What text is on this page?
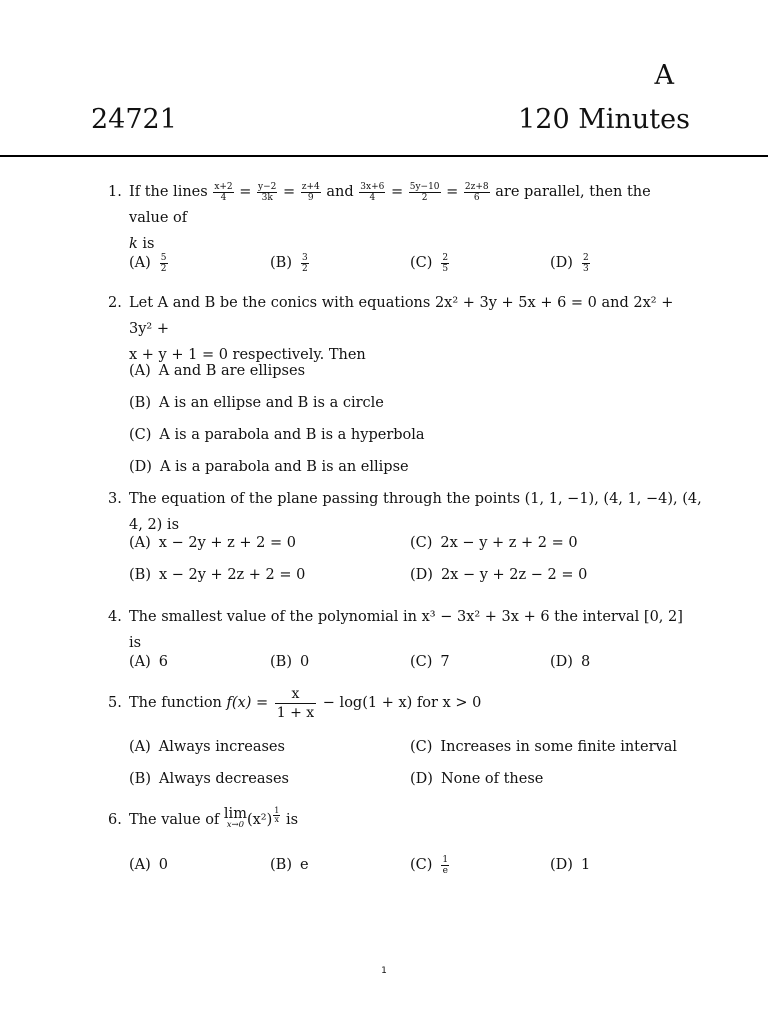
A
24721	120 Minutes
1. If the lines $\frac{x+2}{4} = \frac{y-2}{3k} = \frac{z+4}{9}$ and $\frac{3x+6}{4} = \frac{5y-10}{2} = \frac{2z+8}{6}$ are parallel, then the value of
k is
$(A) \frac{5}{2}$	$(B) \frac{3}{2}$	$(C) \frac{2}{5}$	$(D) \frac{2}{3}$
2. Let A and B be the conics with equations 2x² + 3y + 5x + 6 = 0 and 2x² + 3y² +
x + y + 1 = 0 respectively. Then
(A) A and B are ellipses
(B) A is an ellipse and B is a circle
(C) A is a parabola and B is a hyperbola
(D) A is a parabola and B is an ellipse
3. The equation of the plane passing through the points (1, 1, −1), (4, 1, −4), (4, 4, 2) is
(A) x − 2y + z + 2 = 0	(C) 2x − y + z + 2 = 0
(B) x − 2y + 2z + 2 = 0	(D) 2x − y + 2z − 2 = 0
4. The smallest value of the polynomial in x³ − 3x² + 3x + 6 the interval [0, 2] is
(A) 6	(B) 0	(C) 7	(D) 8
5. The function $f(x) = \frac{x}{1 + x} - \log(1 + x)$ for x > 0
(A) Always increases	(C) Increases in some finite interval
(B) Always decreases	(D) None of these
6. The value of lim
x→0 $(x^2) \frac{1}{x}$ is
(A) 0	(B) e	$(C) \frac{1}{e}$	(D) 1
1
